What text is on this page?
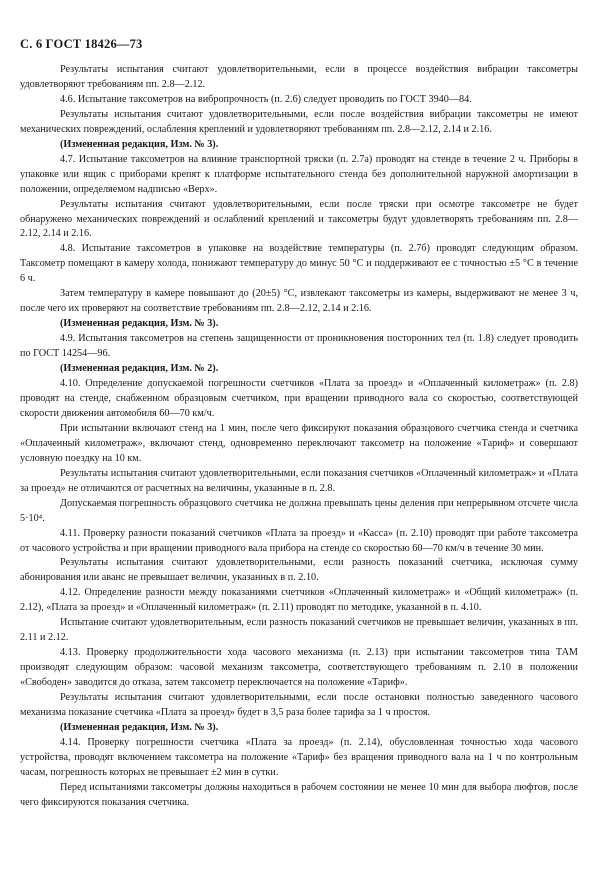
С. 6 ГОСТ 18426—73

Результаты испытания считают удовлетворительными, если в процессе воздействия вибрации таксометры удовлетворяют требованиям пп. 2.8—2.12.

4.6. Испытание таксометров на вибропрочность (п. 2.6) следует проводить по ГОСТ 3940—84.

Результаты испытания считают удовлетворительными, если после воздействия вибрации таксометры не имеют механических повреждений, ослабления креплений и удовлетворяют требованиям пп. 2.8—2.12, 2.14 и 2.16.

(Измененная редакция, Изм. № 3).

4.7. Испытание таксометров на влияние транспортной тряски (п. 2.7а) проводят на стенде в течение 2 ч. Приборы в упаковке или ящик с приборами крепят к платформе испытательного стенда без дополнительной наружной амортизации в положении, определяемом надписью «Верх».

Результаты испытания считают удовлетворительными, если после тряски при осмотре таксометре не будет обнаружено механических повреждений и ослаблений креплений и таксометры будут удовлетворять требованиям пп. 2.8—2.12, 2.14 и 2.16.

4.8. Испытание таксометров в упаковке на воздействие температуры (п. 2.7б) проводят следующим образом. Таксометр помещают в камеру холода, понижают температуру до минус 50 °С и поддерживают ее с точностью ±5 °С в течение 6 ч.

Затем температуру в камере повышают до (20±5) °С, извлекают таксометры из камеры, выдерживают не менее 3 ч, после чего их проверяют на соответствие требованиям пп. 2.8—2.12, 2.14 и 2.16.

(Измененная редакция, Изм. № 3).

4.9. Испытания таксометров на степень защищенности от проникновения посторонних тел (п. 1.8) следует проводить по ГОСТ 14254—96.

(Измененная редакция, Изм. № 2).

4.10. Определение допускаемой погрешности счетчиков «Плата за проезд» и «Оплаченный километраж» (п. 2.8) проводят на стенде, снабженном образцовым счетчиком, при вращении приводного вала со скоростью, соответствующей скорости движения автомобиля 60—70 км/ч.

При испытании включают стенд на 1 мин, после чего фиксируют показания образцового счетчика стенда и счетчика «Оплаченный километраж», включают стенд, одновременно переключают таксометр на положение «Тариф» и совершают условную поездку на 10 км.

Результаты испытания считают удовлетворительными, если показания счетчиков «Оплаченный километраж» и «Плата за проезд» не отличаются от расчетных на величины, указанные в п. 2.8.

Допускаемая погрешность образцового счетчика не должна превышать цены деления при непрерывном отсчете числа 5·10⁴.

4.11. Проверку разности показаний счетчиков «Плата за проезд» и «Касса» (п. 2.10) проводят при работе таксометра от часового устройства и при вращении приводного вала прибора на стенде со скоростью 60—70 км/ч в течение 30 мин.

Результаты испытания считают удовлетворительными, если разность показаний счетчика, исключая сумму абонирования или аванс не превышает величин, указанных в п. 2.10.

4.12. Определение разности между показаниями счетчиков «Оплаченный километраж» и «Общий километраж» (п. 2.12), «Плата за проезд» и «Оплаченный километраж» (п. 2.11) проводят по методике, указанной в п. 4.10.

Испытание считают удовлетворительным, если разность показаний счетчиков не превышает величин, указанных в пп. 2.11 и 2.12.

4.13. Проверку продолжительности хода часового механизма (п. 2.13) при испытании таксометров типа ТАМ производят следующим образом: часовой механизм таксометра, соответствующего требованиям п. 2.10 в положении «Свободен» заводится до отказа, затем таксометр переключается на положение «Тариф».

Результаты испытания считают удовлетворительными, если после остановки полностью заведенного часового механизма показание счетчика «Плата за проезд» будет в 3,5 раза более тарифа за 1 ч простоя.

(Измененная редакция, Изм. № 3).

4.14. Проверку погрешности счетчика «Плата за проезд» (п. 2.14), обусловленная точностью хода часового устройства, проводят включением таксометра на положение «Тариф» без вращения приводного вала на 1 ч по контрольным часам, погрешность которых не превышает ±2 мин в сутки.

Перед испытаниями таксометры должны находиться в рабочем состоянии не менее 10 мин для выбора люфтов, после чего фиксируются показания счетчика.
